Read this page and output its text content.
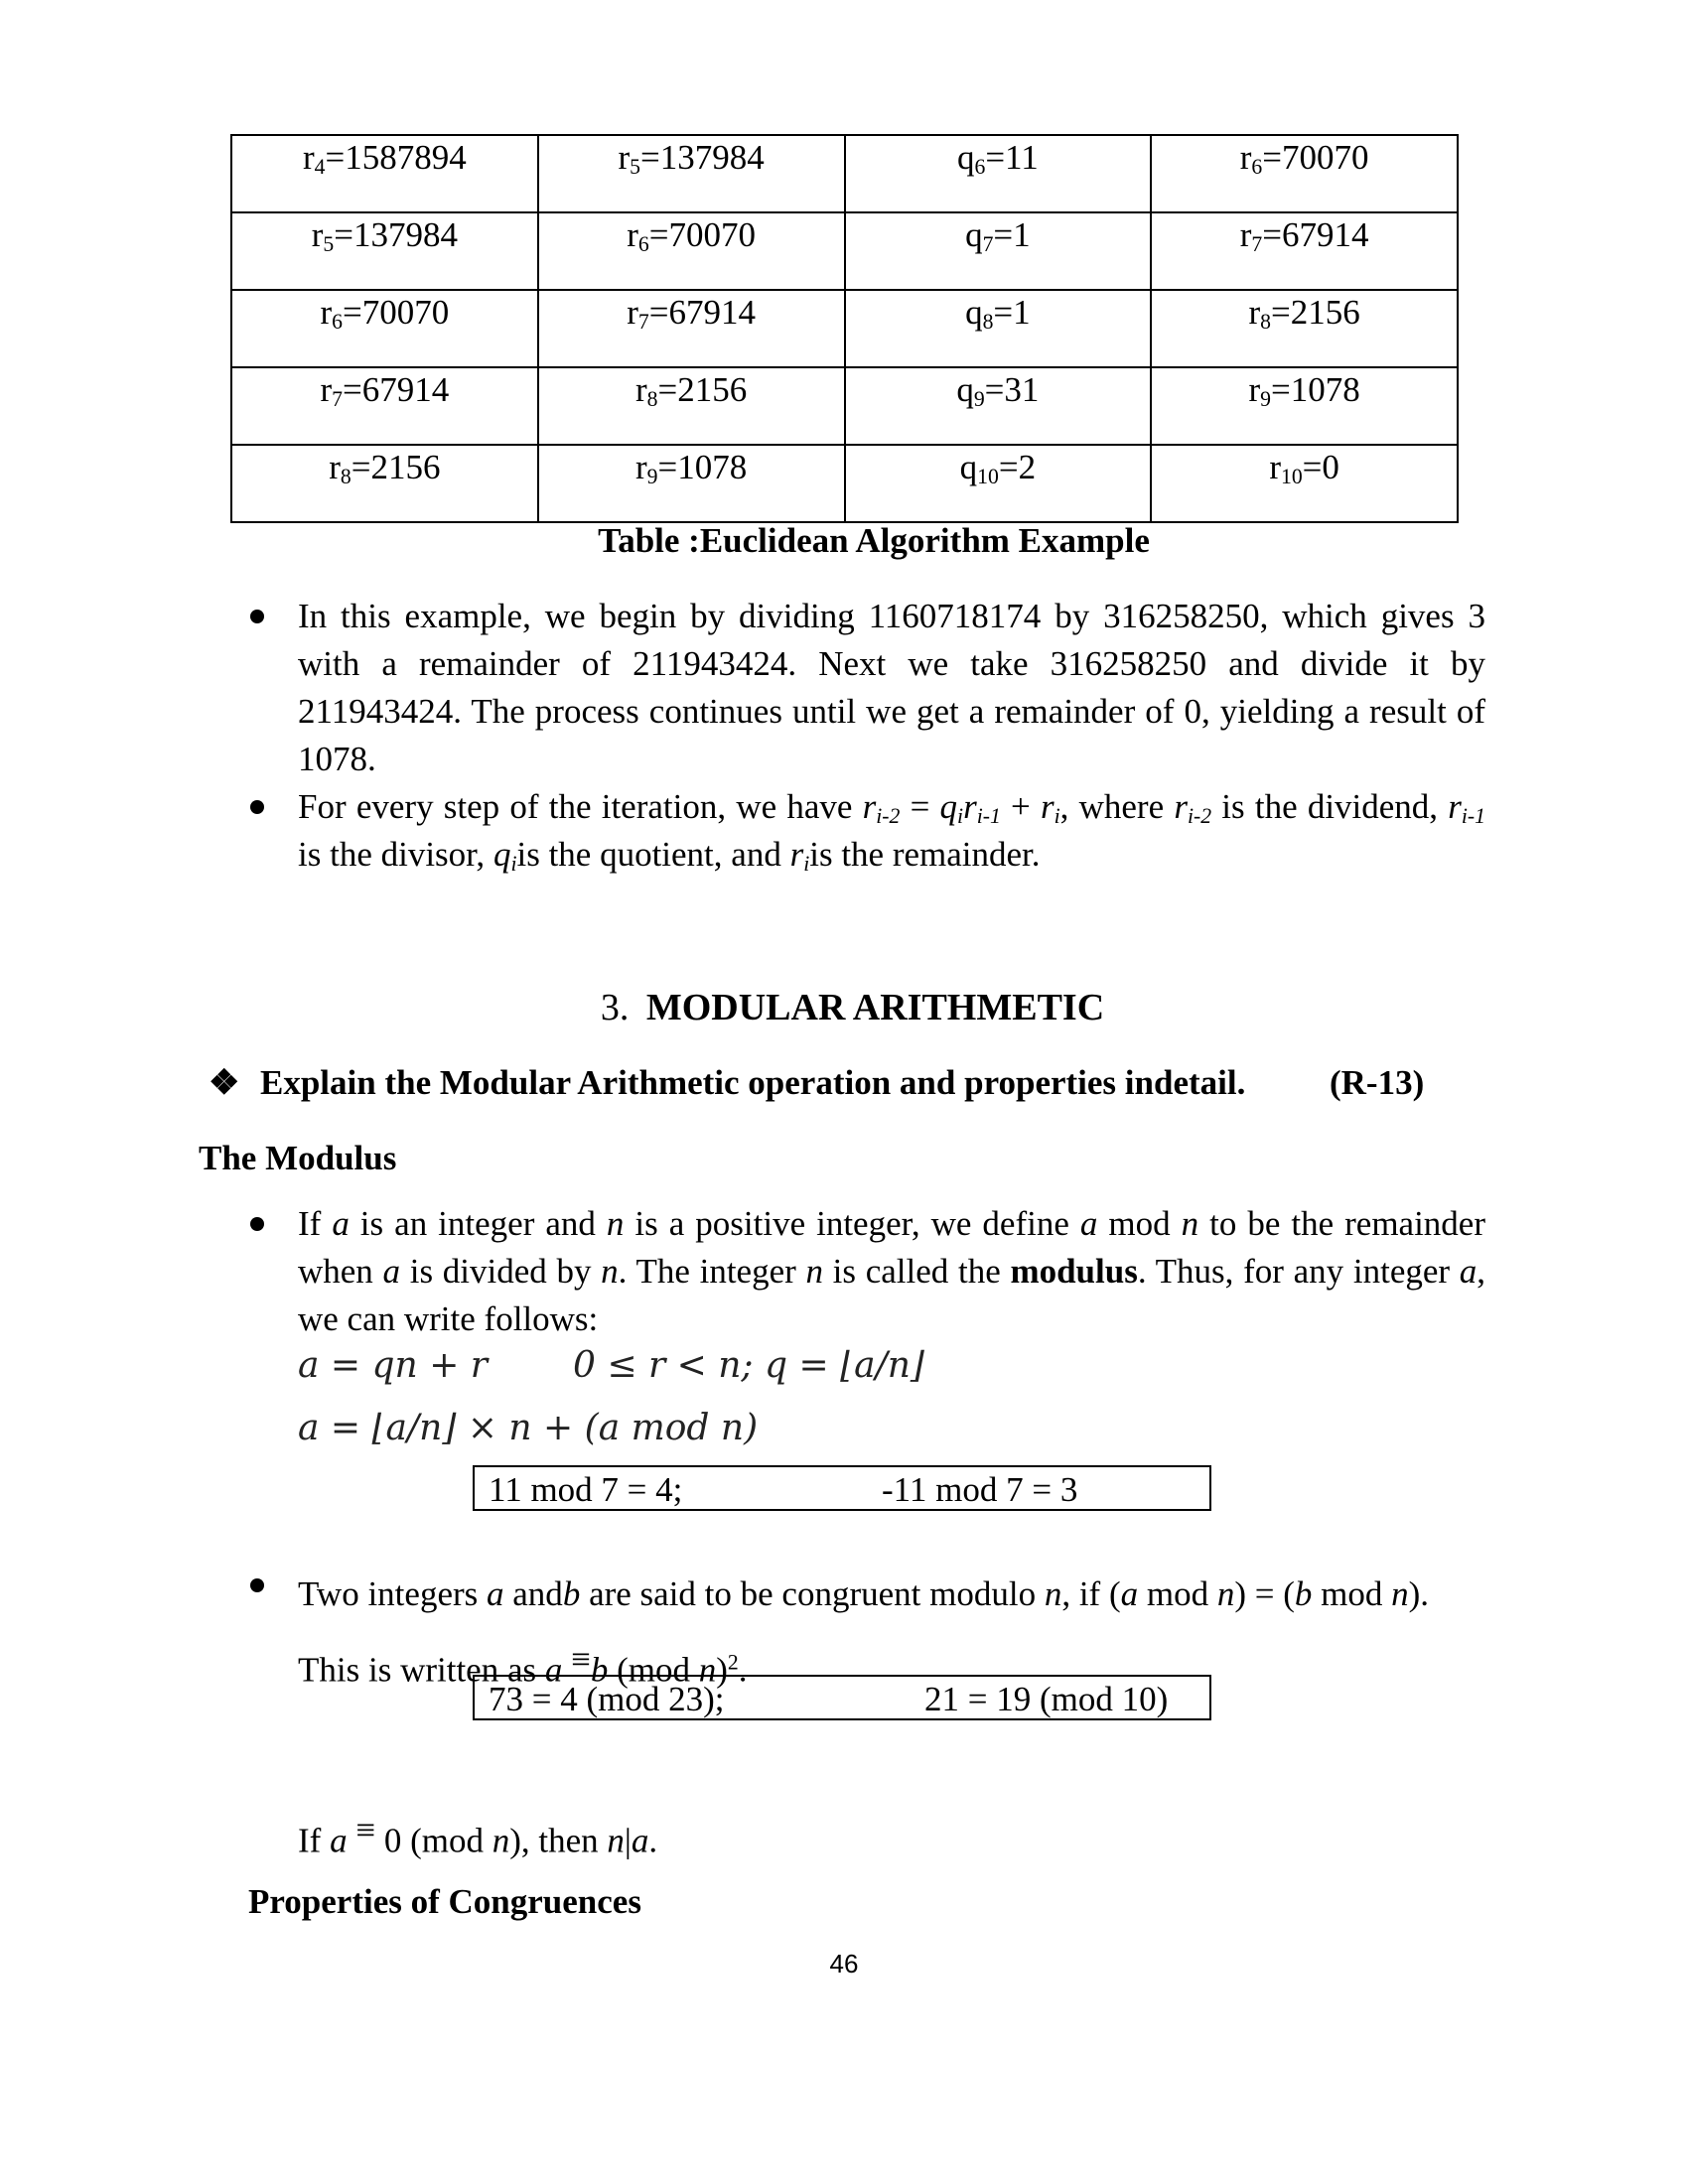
$r_4=1587894$	$r_5=137984$	$q_6=11$	$r_6=70070$
$r_5=137984$	$r_6=70070$	$q_7=1$	$r_7=67914$
$r_6=70070$	$r_7=67914$	$q_8=1$	$r_8=2156$
$r_7=67914$	$r_8=2156$	$q_9=31$	$r_9=1078$
$r_8=2156$	$r_9=1078$	$q_{10}=2$	$r_{10}=0$
Table :Euclidean Algorithm Example

In this example, we begin by dividing 1160718174 by 316258250, which gives 3 with a remainder of 211943424. Next we take 316258250 and divide it by 211943424. The process continues until we get a remainder of 0, yielding a result of 1078.

For every step of the iteration, we have $r_{i-2} = q_ir_{i-1} + r_i$, where $r_{i-2}$ is the dividend, $r_{i-1}$ is the divisor, $q_iis$ the quotient, and $r_iis$ the remainder.

3. MODULAR ARITHMETIC
❖ Explain the Modular Arithmetic operation and properties indetail. (R-13)
The Modulus

If a is an integer and n is a positive integer, we define a mod n to be the remainder when a is divided by n. The integer n is called the modulus. Thus, for any integer a, we can write follows:

a = qn + r 0 ≤ r < n; q = ⌊a/n⌋
a = ⌊a/n⌋ × n + (a mod n)
11 mod 7 = 4;	-11 mod 7 = 3

Two integers a andb are said to be congruent modulo n, if (a mod n) = (b mod n).
This is written as a ≡b (mod n)$^2$.

73 = 4 (mod 23);	21 = 19 (mod 10)
If a ≡ 0 (mod n), then n|a.
Properties of Congruences
46
